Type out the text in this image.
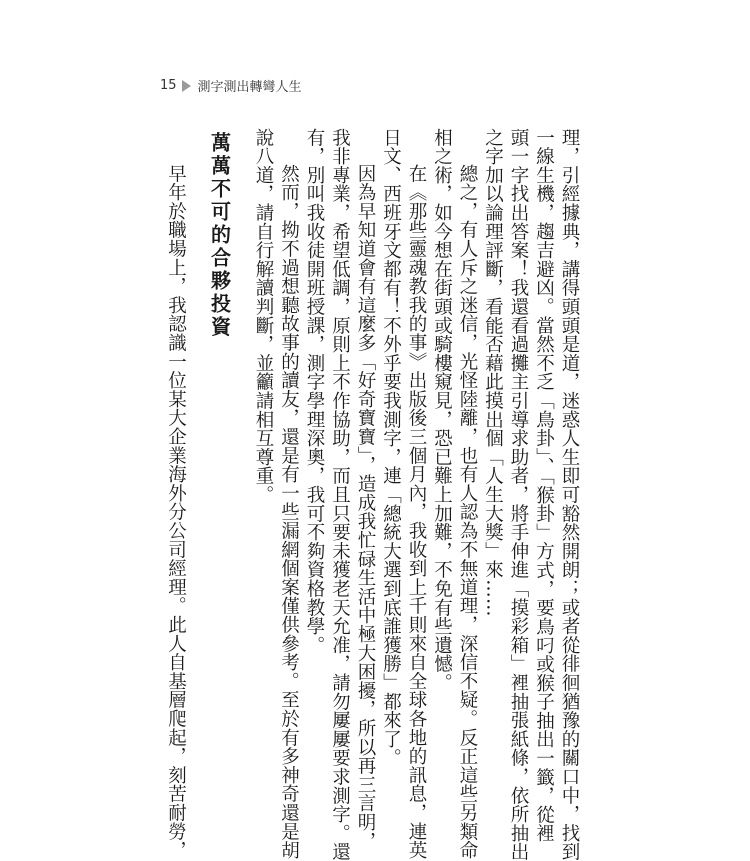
15 測字測出轉彎人生
理，引經據典，講得頭頭是道，迷惑人生即可豁然開朗；或者從徘徊猶豫的關口中，找到
一線生機，趨吉避凶。當然不乏「鳥卦」、「猴卦」方式，要鳥叼或猴子抽出一籤，從裡
頭一字找出答案！我還看過攤主引導求助者，將手伸進「摸彩箱」裡抽張紙條，依所抽出
之字加以論理評斷，看能否藉此摸出個「人生大獎」來……
總之，有人斥之迷信，光怪陸離，也有人認為不無道理，深信不疑。反正這些另類命
相之術，如今想在街頭或騎樓窺見，恐已難上加難，不免有些遺憾。
在《那些靈魂教我的事》出版後三個月內，我收到上千則來自全球各地的訊息，連英
日文、西班牙文都有！不外乎要我測字，連「總統大選到底誰獲勝」都來了。
因為早知道會有這麼多「好奇寶寶」，造成我忙碌生活中極大困擾，所以再三言明，
我非專業，希望低調，原則上不作協助，而且只要未獲老天允准，請勿屢屢要求測字。還
有，別叫我收徒開班授課，測字學理深奧，我可不夠資格教學。
然而，拗不過想聽故事的讀友，還是有一些漏網個案僅供參考。至於有多神奇還是胡
說八道，請自行解讀判斷，並籲請相互尊重。
萬萬不可的合夥投資
早年於職場上，我認識一位某大企業海外分公司經理。此人自基層爬起，刻苦耐勞，
